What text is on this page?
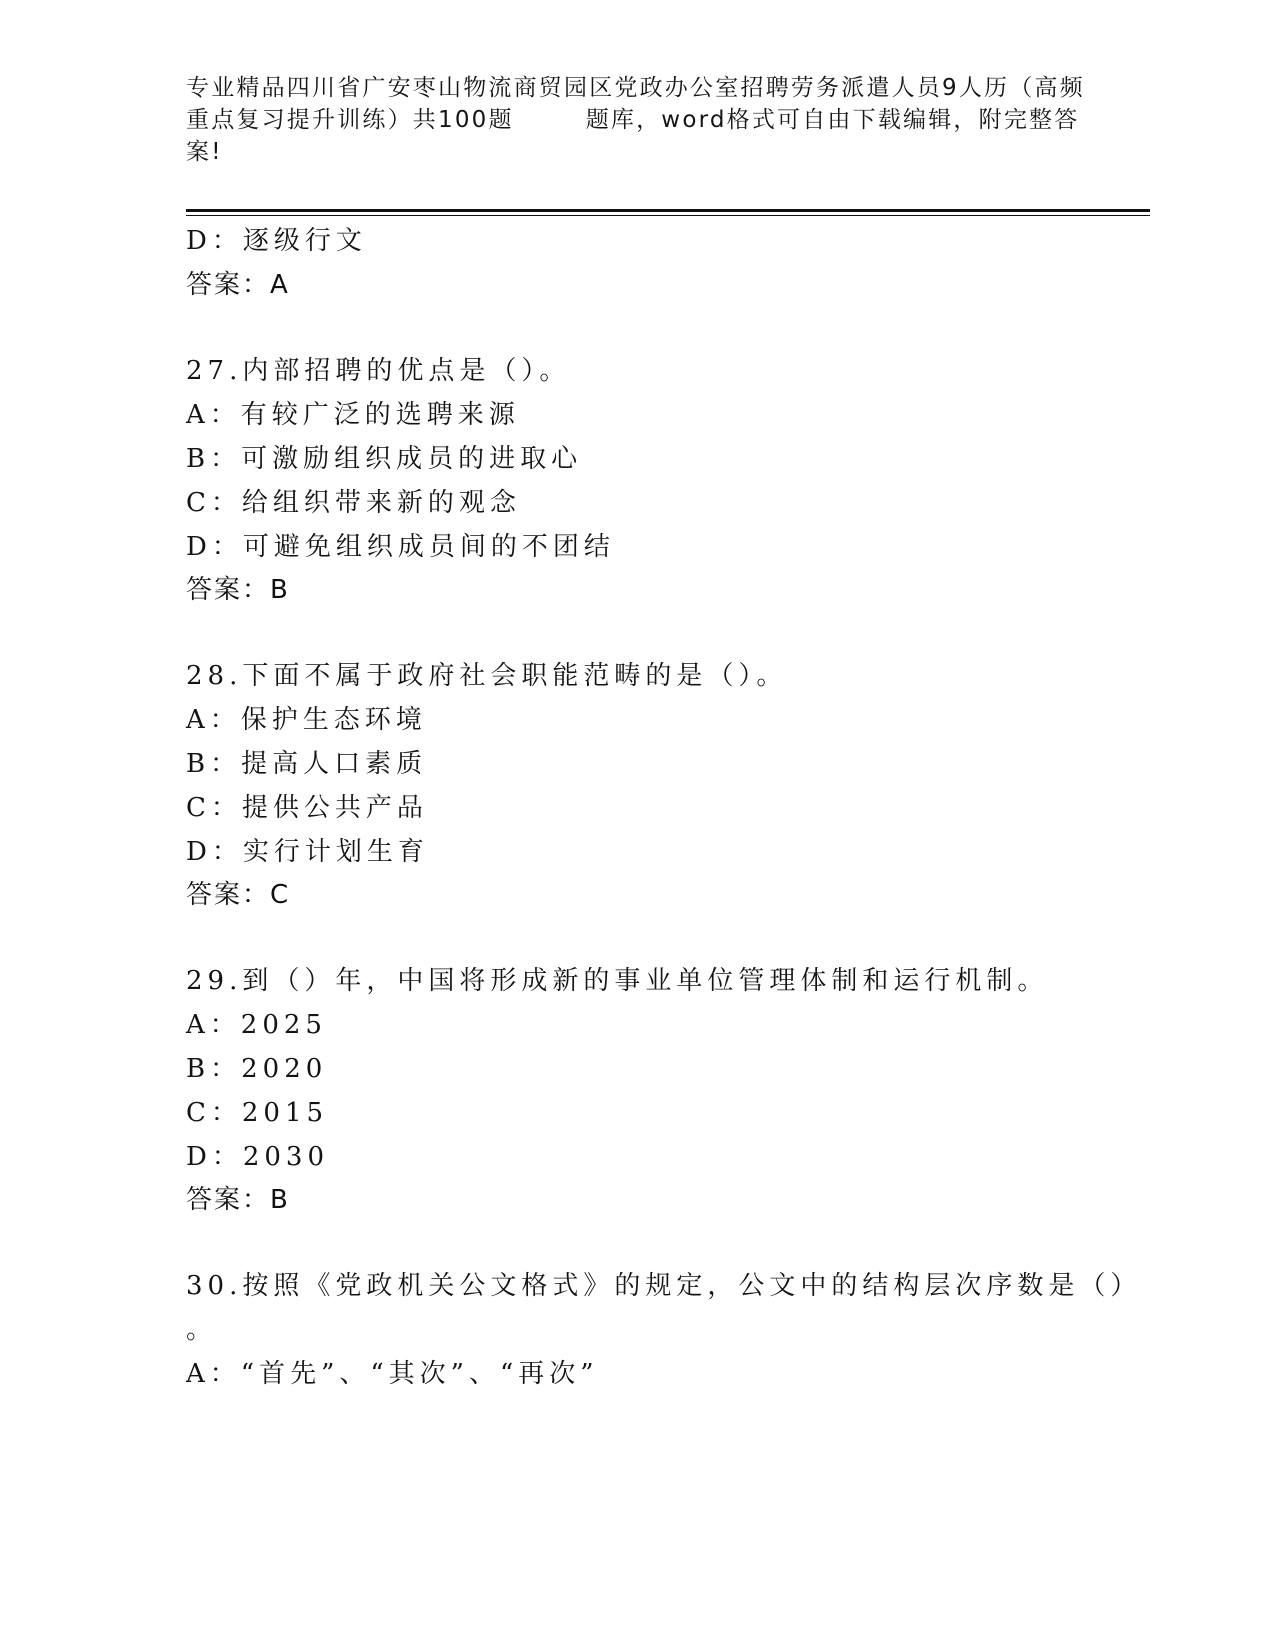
专业精品四川省广安枣山物流商贸园区党政办公室招聘劳务派遣人员9人历（高频
重点复习提升训练）共100题	题库，word格式可自由下载编辑，附完整答
案!
D：逐级行文
答案：A
27.内部招聘的优点是（）。
A：有较广泛的选聘来源
B：可激励组织成员的进取心
C：给组织带来新的观念
D：可避免组织成员间的不团结
答案：B
28.下面不属于政府社会职能范畴的是（）。
A：保护生态环境
B：提高人口素质
C：提供公共产品
D：实行计划生育
答案：C
29.到（）年，中国将形成新的事业单位管理体制和运行机制。
A：2025
B：2020
C：2015
D：2030
答案：B
30.按照《党政机关公文格式》的规定，公文中的结构层次序数是（）
。
A：“首先”、“其次”、“再次”
